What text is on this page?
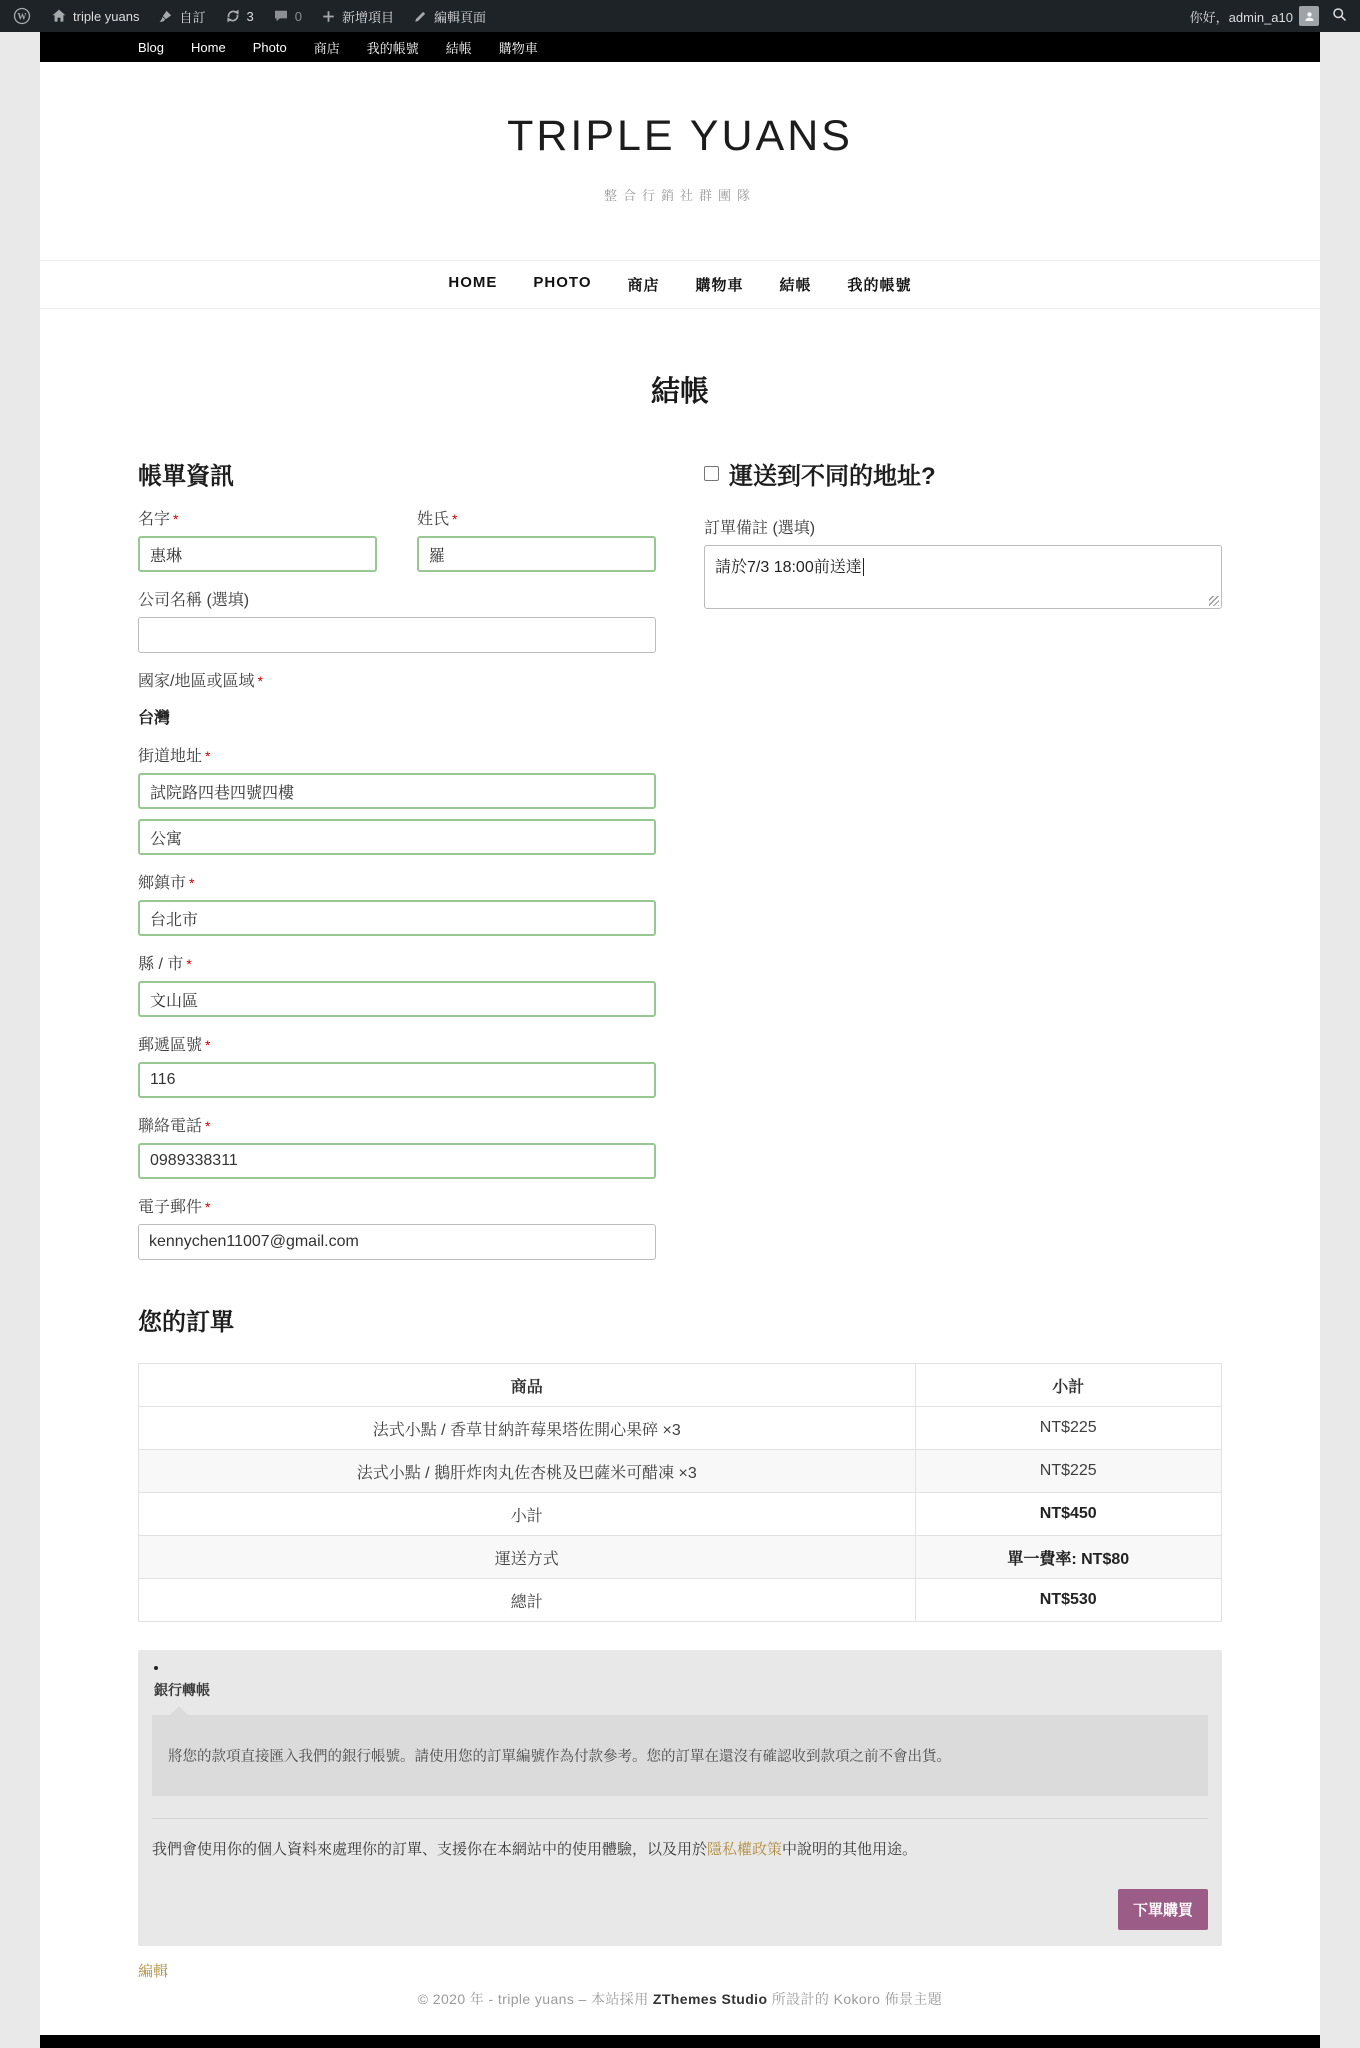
W	triple yuans	自訂	3	0	新增項目	編輯頁面	你好，admin_a10
Blog Home Photo 商店 我的帳號 結帳 購物車
TRIPLE YUANS
整合行銷社群團隊
HOME PHOTO 商店 購物車 結帳 我的帳號
結帳
帳單資訊
名字 *
惠琳	姓氏 *
羅
公司名稱 (選填)
國家/地區或區域 *
台灣
街道地址 *
試院路四巷四號四樓 公寓
鄉鎮市 *
台北市
縣 / 市 *
文山區
郵遞區號 *
116
聯絡電話 *
0989338311
電子郵件 *
kennychen11007@gmail.com
運送到不同的地址?
訂單備註 (選填)
請於7/3 18:00前送達
您的訂單
商品	小計
法式小點 / 香草甘納許莓果塔佐開心果碎 ×3	NT$225
法式小點 / 鵝肝炸肉丸佐杏桃及巴薩米可醋凍 ×3	NT$225
小計	NT$450
運送方式	單一費率: NT$80
總計	NT$530
銀行轉帳
將您的款項直接匯入我們的銀行帳號。請使用您的訂單編號作為付款參考。您的訂單在還沒有確認收到款項之前不會出貨。
我們會使用你的個人資料來處理你的訂單、支援你在本網站中的使用體驗，以及用於隱私權政策中說明的其他用途。
下單購買
編輯
© 2020 年 - triple yuans – 本站採用 ZThemes Studio 所設計的 Kokoro 佈景主題
